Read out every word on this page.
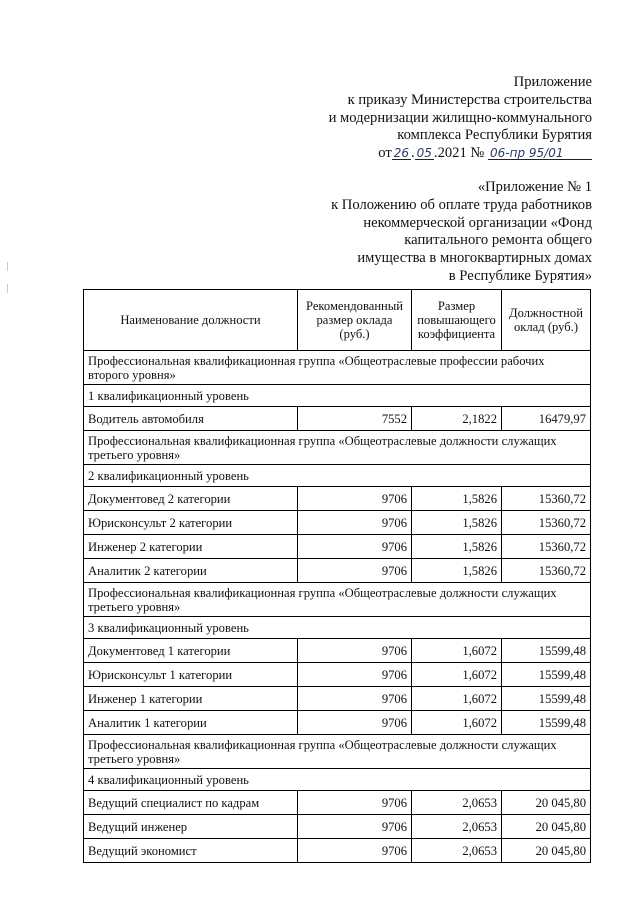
Приложение
к приказу Министерства строительства
и модернизации жилищно-коммунального
комплекса Республики Бурятия
от 26 . 05 .2021 № 06-пр 95/01
«Приложение № 1
к Положению об оплате труда работников
некоммерческой организации «Фонд
капитального ремонта общего
имущества в многоквартирных домах
в Республике Бурятия»
Наименование должности	Рекомендованный размер оклада (руб.)	Размер повышающего коэффициента	Должностной оклад (руб.)
Профессиональная квалификационная группа «Общеотраслевые профессии рабочих второго уровня»			
1 квалификационный уровень			
Водитель автомобиля	7552	2,1822	16479,97
Профессиональная квалификационная группа «Общеотраслевые должности служащих третьего уровня»			
2 квалификационный уровень			
Документовед 2 категории	9706	1,5826	15360,72
Юрисконсульт 2 категории	9706	1,5826	15360,72
Инженер 2 категории	9706	1,5826	15360,72
Аналитик 2 категории	9706	1,5826	15360,72
Профессиональная квалификационная группа «Общеотраслевые должности служащих третьего уровня»			
3 квалификационный уровень			
Документовед 1 категории	9706	1,6072	15599,48
Юрисконсульт 1 категории	9706	1,6072	15599,48
Инженер 1 категории	9706	1,6072	15599,48
Аналитик 1 категории	9706	1,6072	15599,48
Профессиональная квалификационная группа «Общеотраслевые должности служащих третьего уровня»			
4 квалификационный уровень			
Ведущий специалист по кадрам	9706	2,0653	20 045,80
Ведущий инженер	9706	2,0653	20 045,80
Ведущий экономист	9706	2,0653	20 045,80
